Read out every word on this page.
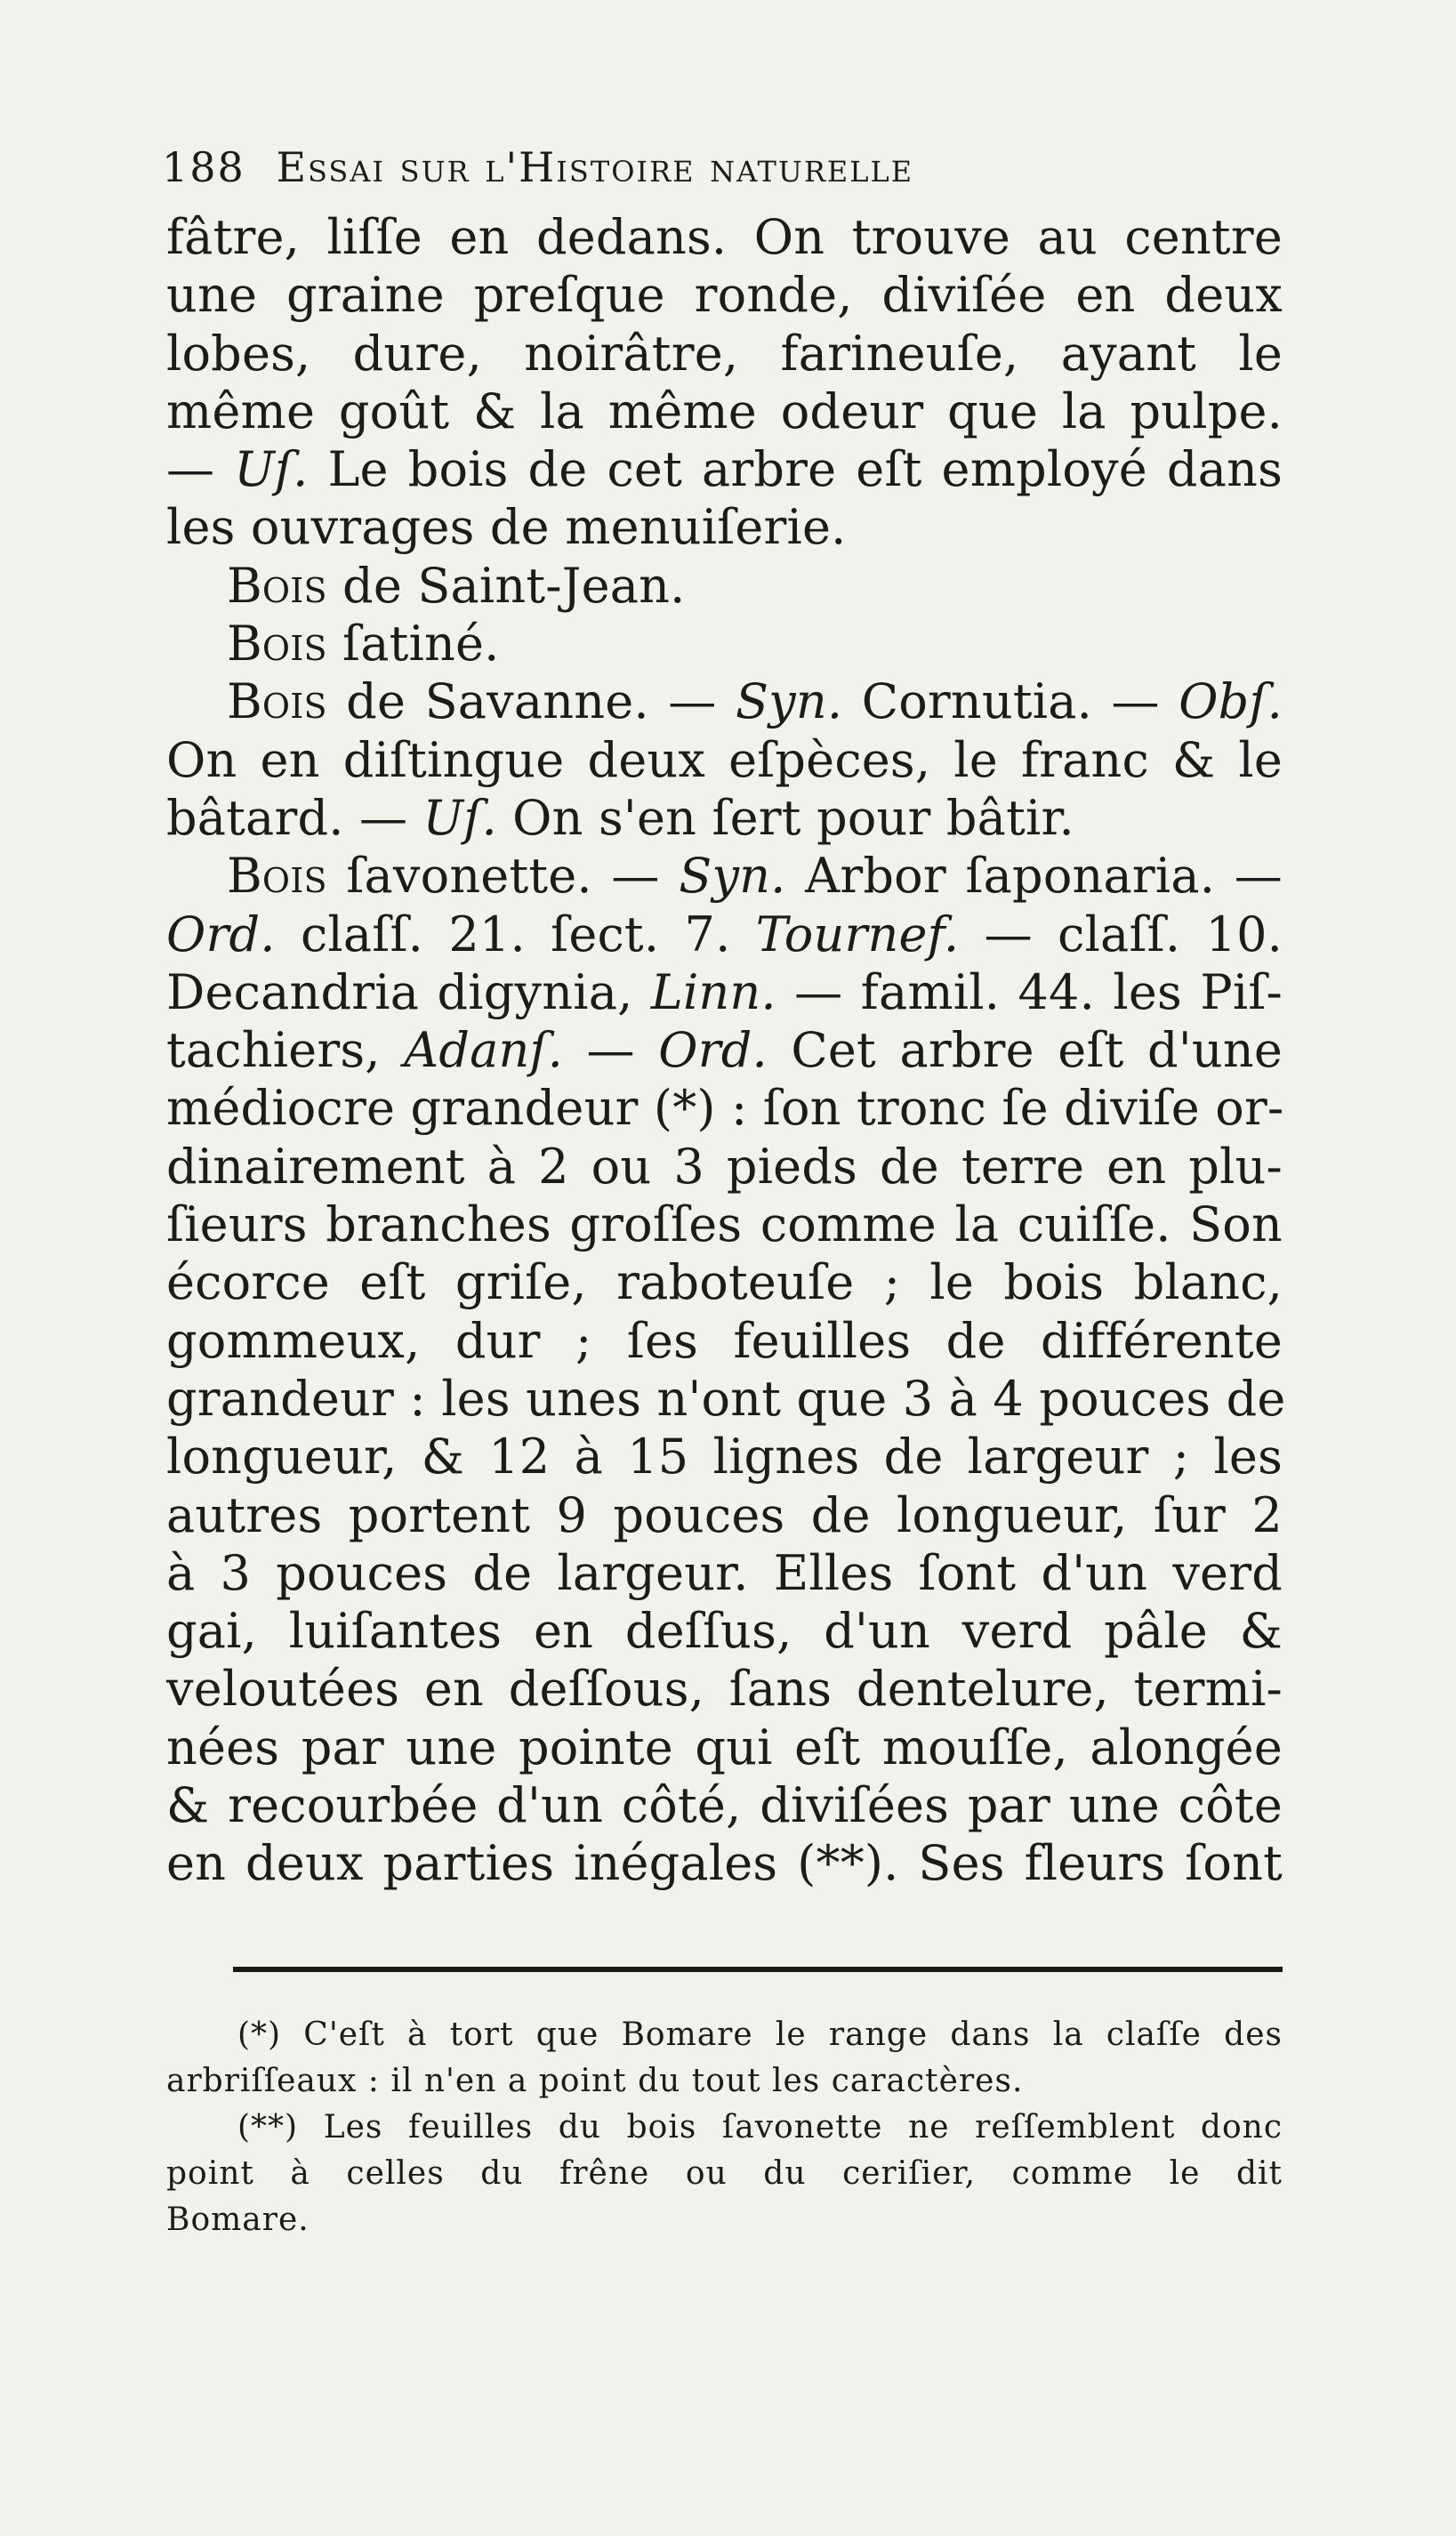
188 Essai sur l'Histoire naturelle
fâtre, liſſe en dedans. On trouve au centre
une graine preſque ronde, diviſée en deux
lobes, dure, noirâtre, farineuſe, ayant le
même goût & la même odeur que la pulpe.
— Uſ. Le bois de cet arbre eſt employé dans
les ouvrages de menuiſerie.
Bois de Saint-Jean.
Bois ſatiné.
Bois de Savanne. — Syn. Cornutia. — Obſ.
On en diſtingue deux eſpèces, le franc & le
bâtard. — Uſ. On s'en ſert pour bâtir.
Bois ſavonette. — Syn. Arbor ſaponaria. —
Ord. claſſ. 21. ſect. 7. Tournef. — claſſ. 10.
Decandria digynia, Linn. — famil. 44. les Piſ-
tachiers, Adanſ. — Ord. Cet arbre eſt d'une
médiocre grandeur (*) : ſon tronc ſe diviſe or-
dinairement à 2 ou 3 pieds de terre en plu-
ſieurs branches groſſes comme la cuiſſe. Son
écorce eſt griſe, raboteuſe ; le bois blanc,
gommeux, dur ; ſes feuilles de différente
grandeur : les unes n'ont que 3 à 4 pouces de
longueur, & 12 à 15 lignes de largeur ; les
autres portent 9 pouces de longueur, ſur 2
à 3 pouces de largeur. Elles ſont d'un verd
gai, luiſantes en deſſus, d'un verd pâle &
veloutées en deſſous, ſans dentelure, termi-
nées par une pointe qui eſt mouſſe, alongée
& recourbée d'un côté, diviſées par une côte
en deux parties inégales (**). Ses fleurs ſont
(*) C'eſt à tort que Bomare le range dans la claſſe des
arbriſſeaux : il n'en a point du tout les caractères.
(**) Les feuilles du bois ſavonette ne reſſemblent donc
point à celles du frêne ou du ceriſier, comme le dit
Bomare.
